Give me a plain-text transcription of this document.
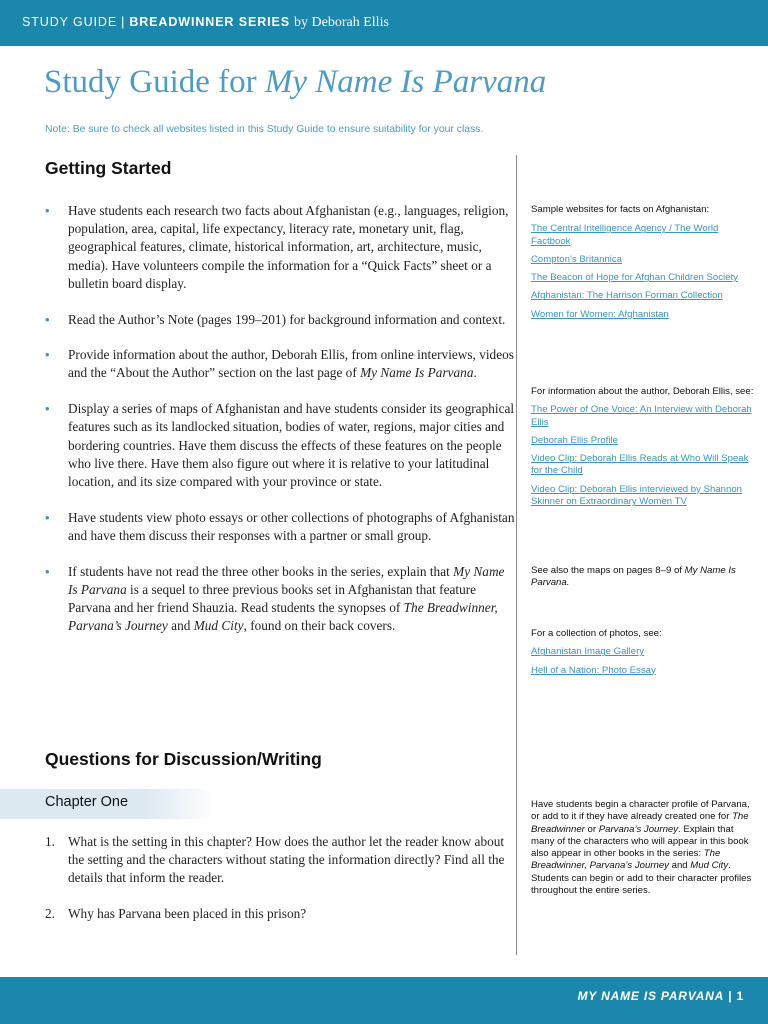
STUDY GUIDE | BREADWINNER SERIES by Deborah Ellis
Study Guide for My Name Is Parvana
Note: Be sure to check all websites listed in this Study Guide to ensure suitability for your class.
Getting Started
• Have students each research two facts about Afghanistan (e.g., languages, religion, population, area, capital, life expectancy, literacy rate, monetary unit, flag, geographical features, climate, historical information, art, architecture, music, media). Have volunteers compile the information for a “Quick Facts” sheet or a bulletin board display.
• Read the Author’s Note (pages 199–201) for background information and context.
• Provide information about the author, Deborah Ellis, from online interviews, videos and the “About the Author” section on the last page of My Name Is Parvana.
• Display a series of maps of Afghanistan and have students consider its geographical features such as its landlocked situation, bodies of water, regions, major cities and bordering countries. Have them discuss the effects of these features on the people who live there. Have them also figure out where it is relative to your latitudinal location, and its size compared with your province or state.
• Have students view photo essays or other collections of photographs of Afghanistan and have them discuss their responses with a partner or small group.
• If students have not read the three other books in the series, explain that My Name Is Parvana is a sequel to three previous books set in Afghanistan that feature Parvana and her friend Shauzia. Read students the synopses of The Breadwinner, Parvana’s Journey and Mud City, found on their back covers.
Sample websites for facts on Afghanistan:
The Central Intelligence Agency / The World Factbook
Compton’s Britannica
The Beacon of Hope for Afghan Children Society
Afghanistan: The Harrison Forman Collection
Women for Women: Afghanistan
For information about the author, Deborah Ellis, see:
The Power of One Voice: An Interview with Deborah Ellis
Deborah Ellis Profile
Video Clip: Deborah Ellis Reads at Who Will Speak for the Child
Video Clip: Deborah Ellis interviewed by Shannon Skinner on Extraordinary Women TV
See also the maps on pages 8–9 of My Name Is Parvana.
For a collection of photos, see:
Afghanistan Image Gallery
Hell of a Nation: Photo Essay
Questions for Discussion/Writing
Chapter One
1. What is the setting in this chapter? How does the author let the reader know about the setting and the characters without stating the information directly? Find all the details that inform the reader.
2. Why has Parvana been placed in this prison?
Have students begin a character profile of Parvana, or add to it if they have already created one for The Breadwinner or Parvana’s Journey. Explain that many of the characters who will appear in this book also appear in other books in the series: The Breadwinner, Parvana’s Journey and Mud City. Students can begin or add to their character profiles throughout the entire series.
MY NAME IS PARVANA | 1
